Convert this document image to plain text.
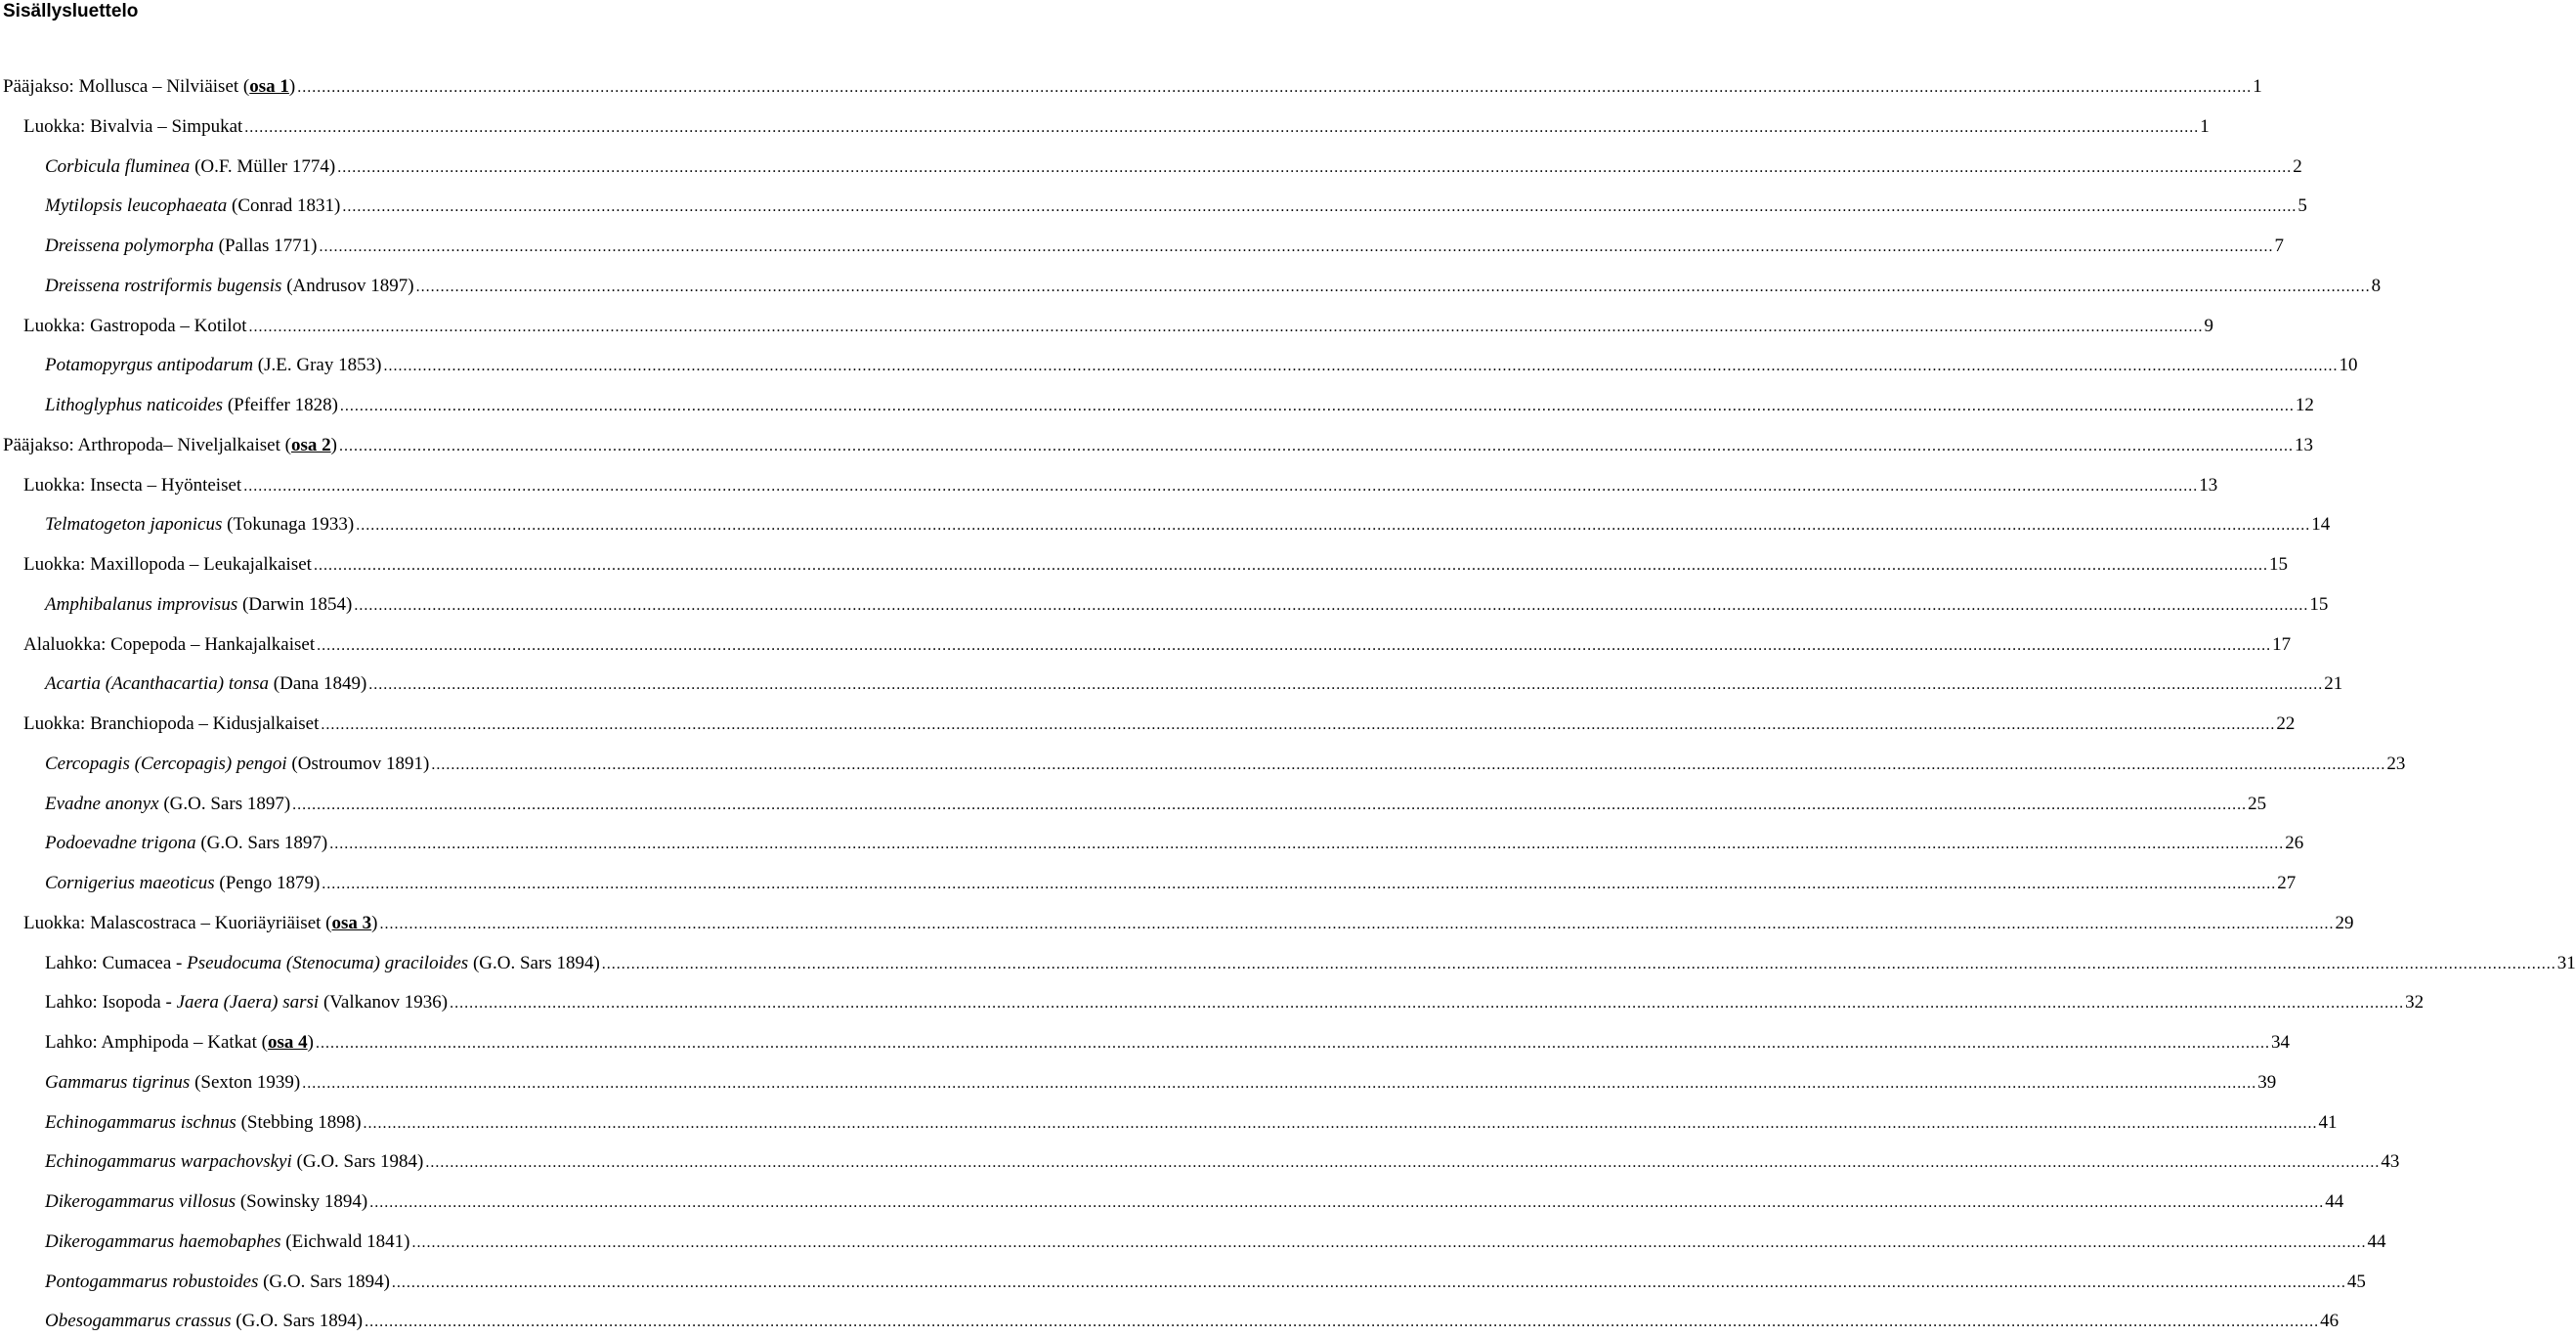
Sisällysluettelo
Pääjakso: Mollusca – Nilviäiset (osa 1) ................................................................................................................................................................................................................................................................................................................................................................................................................ 1
Luokka: Bivalvia – Simpukat ................................................................................................................................................................................................................................................................................................................................................................................................................ 1
Corbicula fluminea (O.F. Müller 1774) ................................................................................................................................................................................................................................................................................................................................................................................................................ 2
Mytilopsis leucophaeata (Conrad 1831) ................................................................................................................................................................................................................................................................................................................................................................................................................ 5
Dreissena polymorpha (Pallas 1771) ................................................................................................................................................................................................................................................................................................................................................................................................................ 7
Dreissena rostriformis bugensis (Andrusov 1897) ................................................................................................................................................................................................................................................................................................................................................................................................................ 8
Luokka: Gastropoda – Kotilot ................................................................................................................................................................................................................................................................................................................................................................................................................ 9
Potamopyrgus antipodarum (J.E. Gray 1853) ................................................................................................................................................................................................................................................................................................................................................................................................................ 10
Lithoglyphus naticoides (Pfeiffer 1828) ................................................................................................................................................................................................................................................................................................................................................................................................................ 12
Pääjakso: Arthropoda– Niveljalkaiset (osa 2) ................................................................................................................................................................................................................................................................................................................................................................................................................ 13
Luokka: Insecta – Hyönteiset ................................................................................................................................................................................................................................................................................................................................................................................................................ 13
Telmatogeton japonicus (Tokunaga 1933) ................................................................................................................................................................................................................................................................................................................................................................................................................ 14
Luokka: Maxillopoda – Leukajalkaiset ................................................................................................................................................................................................................................................................................................................................................................................................................ 15
Amphibalanus improvisus (Darwin 1854) ................................................................................................................................................................................................................................................................................................................................................................................................................ 15
Alaluokka: Copepoda – Hankajalkaiset ................................................................................................................................................................................................................................................................................................................................................................................................................ 17
Acartia (Acanthacartia) tonsa (Dana 1849) ................................................................................................................................................................................................................................................................................................................................................................................................................ 21
Luokka: Branchiopoda – Kidusjalkaiset ................................................................................................................................................................................................................................................................................................................................................................................................................ 22
Cercopagis (Cercopagis) pengoi (Ostroumov 1891) ................................................................................................................................................................................................................................................................................................................................................................................................................ 23
Evadne anonyx (G.O. Sars 1897) ................................................................................................................................................................................................................................................................................................................................................................................................................ 25
Podoevadne trigona (G.O. Sars 1897) ................................................................................................................................................................................................................................................................................................................................................................................................................ 26
Cornigerius maeoticus (Pengo 1879) ................................................................................................................................................................................................................................................................................................................................................................................................................ 27
Luokka: Malascostraca – Kuoriäyriäiset (osa 3) ................................................................................................................................................................................................................................................................................................................................................................................................................ 29
Lahko: Cumacea - Pseudocuma (Stenocuma) graciloides (G.O. Sars 1894) ................................................................................................................................................................................................................................................................................................................................................................................................................ 31
Lahko: Isopoda - Jaera (Jaera) sarsi (Valkanov 1936) ................................................................................................................................................................................................................................................................................................................................................................................................................ 32
Lahko: Amphipoda – Katkat (osa 4) ................................................................................................................................................................................................................................................................................................................................................................................................................ 34
Gammarus tigrinus (Sexton 1939) ................................................................................................................................................................................................................................................................................................................................................................................................................ 39
Echinogammarus ischnus (Stebbing 1898) ................................................................................................................................................................................................................................................................................................................................................................................................................ 41
Echinogammarus warpachovskyi (G.O. Sars 1984) ................................................................................................................................................................................................................................................................................................................................................................................................................ 43
Dikerogammarus villosus (Sowinsky 1894) ................................................................................................................................................................................................................................................................................................................................................................................................................ 44
Dikerogammarus haemobaphes (Eichwald 1841) ................................................................................................................................................................................................................................................................................................................................................................................................................ 44
Pontogammarus robustoides (G.O. Sars 1894) ................................................................................................................................................................................................................................................................................................................................................................................................................ 45
Obesogammarus crassus (G.O. Sars 1894) ................................................................................................................................................................................................................................................................................................................................................................................................................ 46
